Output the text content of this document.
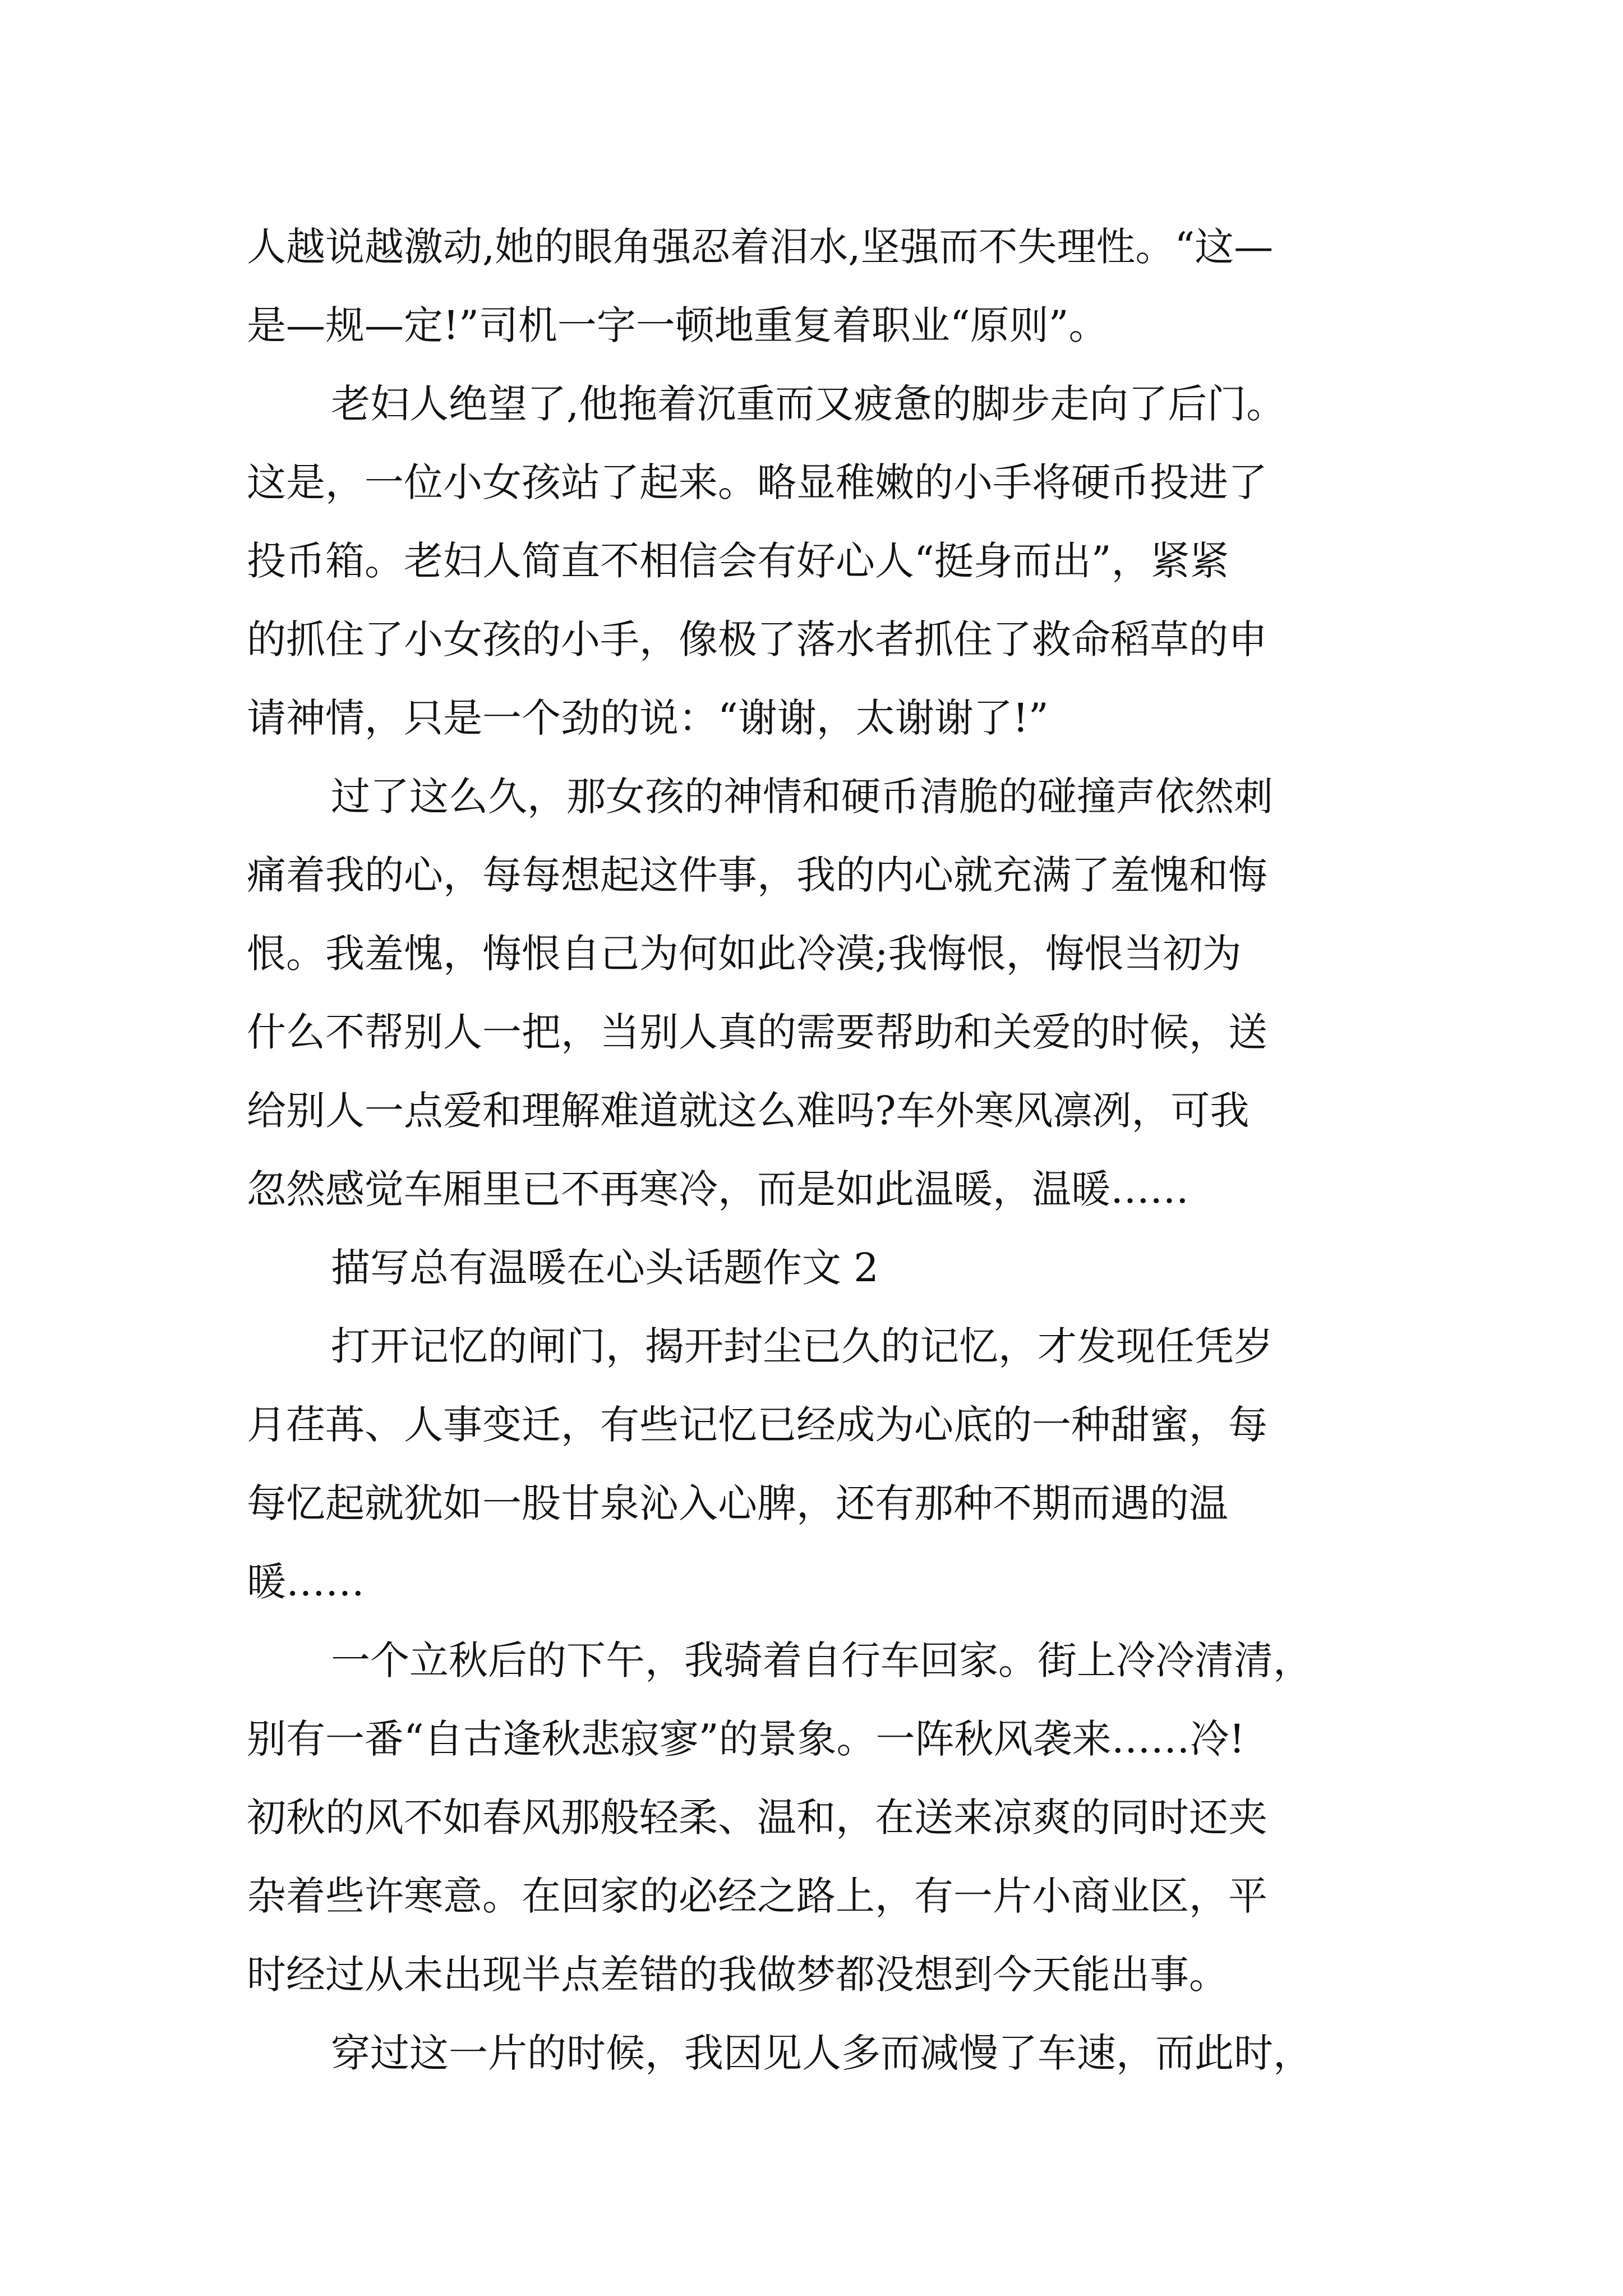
人越说越激动,她的眼角强忍着泪水,坚强而不失理性。“这—
是—规—定!”司机一字一顿地重复着职业“原则”。
老妇人绝望了,他拖着沉重而又疲惫的脚步走向了后门。
这是，一位小女孩站了起来。略显稚嫩的小手将硬币投进了
投币箱。老妇人简直不相信会有好心人“挺身而出”，紧紧
的抓住了小女孩的小手，像极了落水者抓住了救命稻草的申
请神情，只是一个劲的说：“谢谢，太谢谢了!”
过了这么久，那女孩的神情和硬币清脆的碰撞声依然刺
痛着我的心，每每想起这件事，我的内心就充满了羞愧和悔
恨。我羞愧，悔恨自己为何如此冷漠;我悔恨，悔恨当初为
什么不帮别人一把，当别人真的需要帮助和关爱的时候，送
给别人一点爱和理解难道就这么难吗?车外寒风凛冽，可我
忽然感觉车厢里已不再寒冷，而是如此温暖，温暖……
描写总有温暖在心头话题作文 2
打开记忆的闸门，揭开封尘已久的记忆，才发现任凭岁
月荏苒、人事变迁，有些记忆已经成为心底的一种甜蜜，每
每忆起就犹如一股甘泉沁入心脾，还有那种不期而遇的温
暖……
一个立秋后的下午，我骑着自行车回家。街上冷冷清清，
别有一番“自古逢秋悲寂寥”的景象。一阵秋风袭来……冷!
初秋的风不如春风那般轻柔、温和，在送来凉爽的同时还夹
杂着些许寒意。在回家的必经之路上，有一片小商业区，平
时经过从未出现半点差错的我做梦都没想到今天能出事。
穿过这一片的时候，我因见人多而减慢了车速，而此时，
